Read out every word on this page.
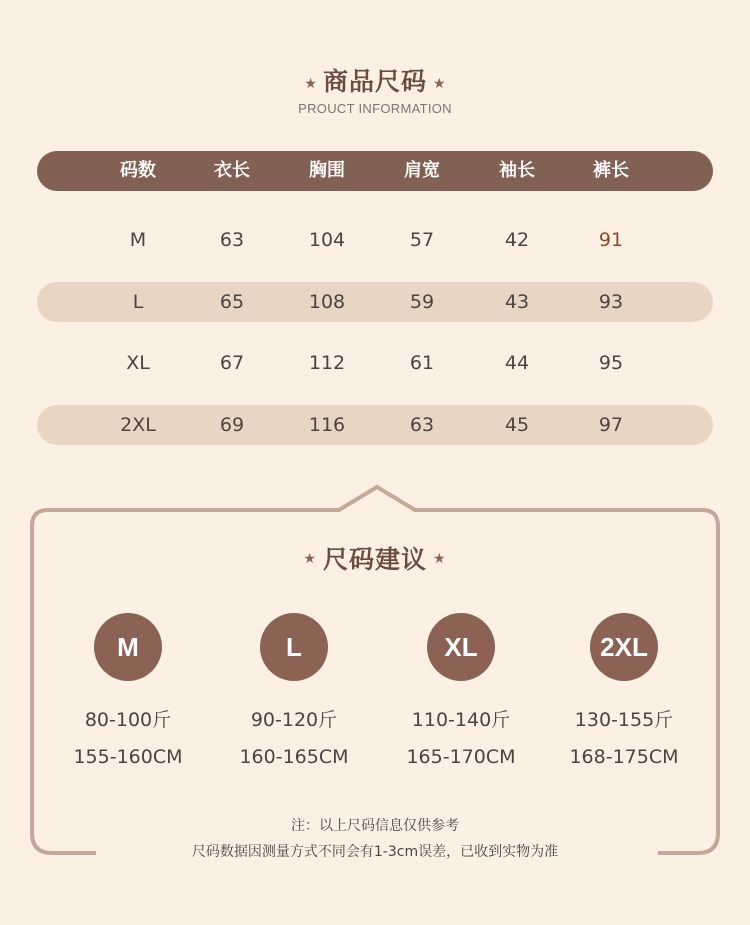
★ 商品尺码 ★
PROUCT INFORMATION
码数	衣长	胸围	肩宽	袖长	裤长
M	63	104	57	42	91
L	65	108	59	43	93
XL	67	112	61	44	95
2XL	69	116	63	45	97
★ 尺码建议 ★
M	L	XL	2XL
80-100斤	90-120斤	110-140斤	130-155斤
155-160CM	160-165CM	165-170CM	168-175CM
注：以上尺码信息仅供参考
尺码数据因测量方式不同会有1-3cm误差，已收到实物为准
